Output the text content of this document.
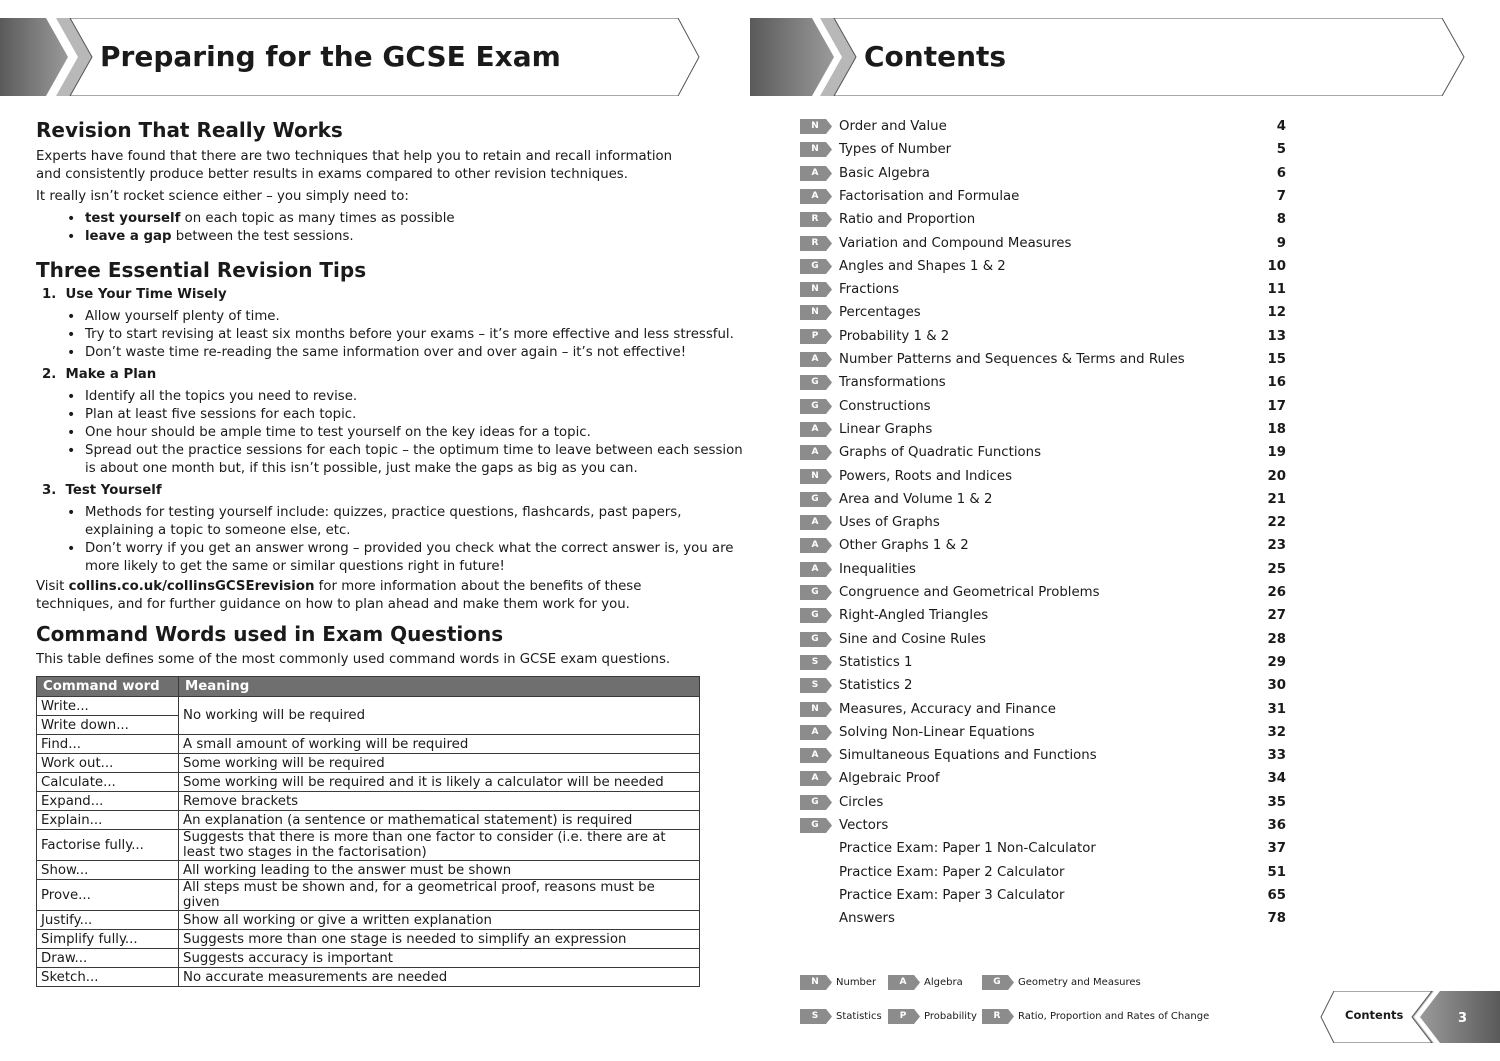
Preparing for the GCSE Exam	Contents
Revision That Really Works

Experts have found that there are two techniques that help you to retain and recall information and consistently produce better results in exams compared to other revision techniques.

It really isn’t rocket science either – you simply need to:

• test yourself on each topic as many times as possible
• leave a gap between the test sessions.
Three Essential Revision Tips
1.  Use Your Time Wisely
• Allow yourself plenty of time.
• Try to start revising at least six months before your exams – it’s more effective and less stressful.
• Don’t waste time re-reading the same information over and over again – it’s not effective!
2.  Make a Plan
• Identify all the topics you need to revise.
• Plan at least five sessions for each topic.
• One hour should be ample time to test yourself on the key ideas for a topic.
• Spread out the practice sessions for each topic – the optimum time to leave between each session is about one month but, if this isn’t possible, just make the gaps as big as you can.
3.  Test Yourself
• Methods for testing yourself include: quizzes, practice questions, flashcards, past papers, explaining a topic to someone else, etc.
• Don’t worry if you get an answer wrong – provided you check what the correct answer is, you are more likely to get the same or similar questions right in future!

Visit collins.co.uk/collinsGCSErevision for more information about the benefits of these techniques, and for further guidance on how to plan ahead and make them work for you.

Command Words used in Exam Questions

This table defines some of the most commonly used command words in GCSE exam questions.

Command word	Meaning
Write...	No working will be required
Write down...	
Find...	A small amount of working will be required
Work out...	Some working will be required
Calculate...	Some working will be required and it is likely a calculator will be needed
Expand...	Remove brackets
Explain...	An explanation (a sentence or mathematical statement) is required
Factorise fully...	Suggests that there is more than one factor to consider (i.e. there are at least two stages in the factorisation)
Show...	All working leading to the answer must be shown
Prove...	All steps must be shown and, for a geometrical proof, reasons must be given
Justify...	Show all working or give a written explanation
Simplify fully...	Suggests more than one stage is needed to simplify an expression
Draw...	Suggests accuracy is important
Sketch...	No accurate measurements are needed
N	Order and Value	4
N	Types of Number	5
A	Basic Algebra	6
A	Factorisation and Formulae	7
R	Ratio and Proportion	8
R	Variation and Compound Measures	9
G	Angles and Shapes 1 & 2	10
N	Fractions	11
N	Percentages	12
P	Probability 1 & 2	13
A	Number Patterns and Sequences & Terms and Rules	15
G	Transformations	16
G	Constructions	17
A	Linear Graphs	18
A	Graphs of Quadratic Functions	19
N	Powers, Roots and Indices	20
G	Area and Volume 1 & 2	21
A	Uses of Graphs	22
A	Other Graphs 1 & 2	23
A	Inequalities	25
G	Congruence and Geometrical Problems	26
G	Right-Angled Triangles	27
G	Sine and Cosine Rules	28
S	Statistics 1	29
S	Statistics 2	30
N	Measures, Accuracy and Finance	31
A	Solving Non-Linear Equations	32
A	Simultaneous Equations and Functions	33
A	Algebraic Proof	34
G	Circles	35
G	Vectors	36
Practice Exam: Paper 1 Non-Calculator	37
Practice Exam: Paper 2 Calculator	51
Practice Exam: Paper 3 Calculator	65
Answers	78
N	Number	A	Algebra	G	Geometry and Measures
S	Statistics	P	Probability	R	Ratio, Proportion and Rates of Change	Contents	3
